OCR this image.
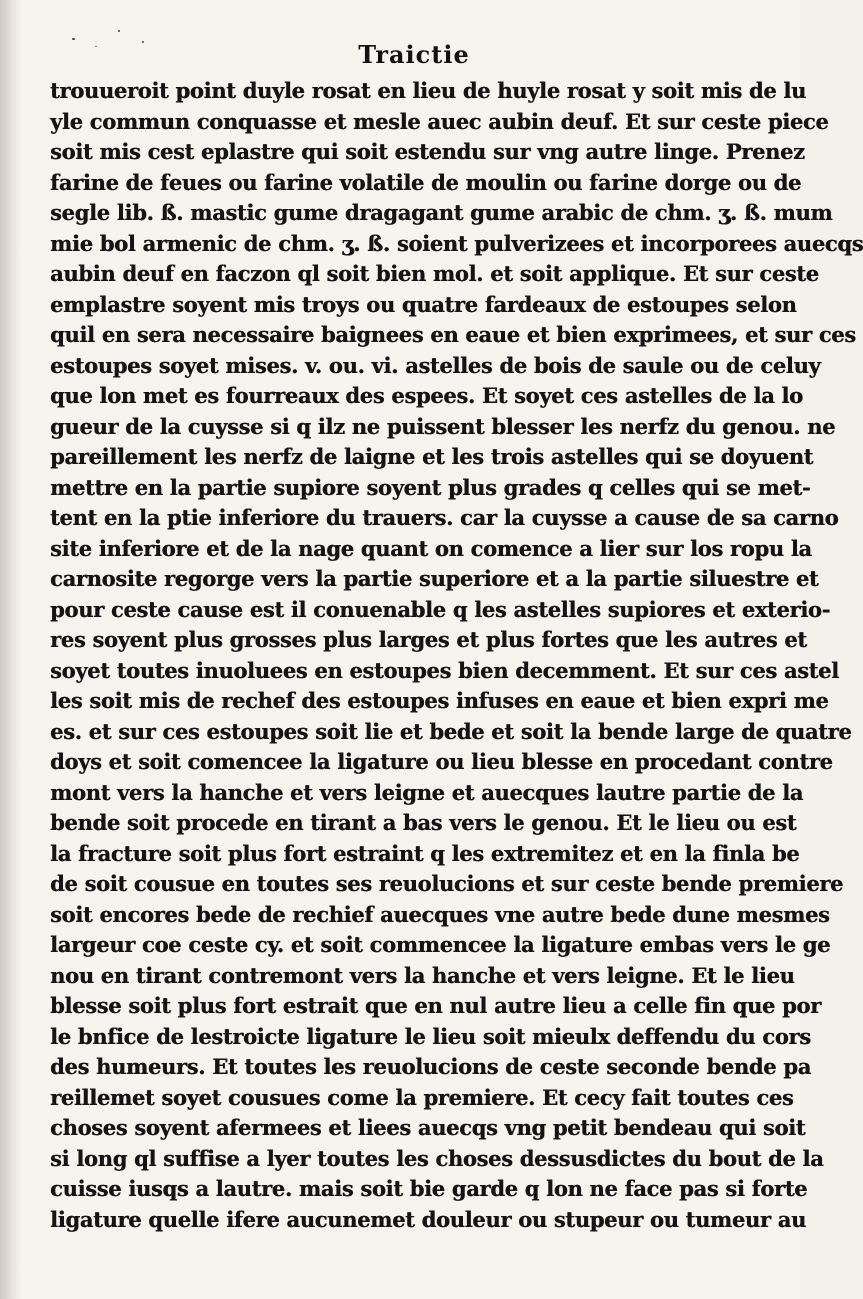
Traictie
trouueroit point duyle rosat en lieu de huyle rosat y soit mis de lu
yle commun conquasse et mesle auec aubin deuf. Et sur ceste piece
soit mis cest eplastre qui soit estendu sur vng autre linge. Prenez
farine de feues ou farine volatile de moulin ou farine dorge ou de
segle lib. ß. mastic gume dragagant gume arabic de chm. ʒ. ß. mum
mie bol armenic de chm. ʒ. ß. soient pulverizees et incorporees auecqs
aubin deuf en faczon ql soit bien mol. et soit applique. Et sur ceste
emplastre soyent mis troys ou quatre fardeaux de estoupes selon
quil en sera necessaire baignees en eaue et bien exprimees, et sur ces
estoupes soyet mises. v. ou. vi. astelles de bois de saule ou de celuy
que lon met es fourreaux des espees. Et soyet ces astelles de la lo
gueur de la cuysse si q ilz ne puissent blesser les nerfz du genou. ne
pareillement les nerfz de laigne et les trois astelles qui se doyuent
mettre en la partie supiore soyent plus grades q celles qui se met-
tent en la ptie inferiore du trauers. car la cuysse a cause de sa carno
site inferiore et de la nage quant on comence a lier sur los ropu la
carnosite regorge vers la partie superiore et a la partie siluestre et
pour ceste cause est il conuenable q les astelles supiores et exterio-
res soyent plus grosses plus larges et plus fortes que les autres et
soyet toutes inuoluees en estoupes bien decemment. Et sur ces astel
les soit mis de rechef des estoupes infuses en eaue et bien expri me
es. et sur ces estoupes soit lie et bede et soit la bende large de quatre
doys et soit comencee la ligature ou lieu blesse en procedant contre
mont vers la hanche et vers leigne et auecques lautre partie de la
bende soit procede en tirant a bas vers le genou. Et le lieu ou est
la fracture soit plus fort estraint q les extremitez et en la finla be
de soit cousue en toutes ses reuolucions et sur ceste bende premiere
soit encores bede de rechief auecques vne autre bede dune mesmes
largeur coe ceste cy. et soit commencee la ligature embas vers le ge
nou en tirant contremont vers la hanche et vers leigne. Et le lieu
blesse soit plus fort estrait que en nul autre lieu a celle fin que por
le bnfice de lestroicte ligature le lieu soit mieulx deffendu du cors
des humeurs. Et toutes les reuolucions de ceste seconde bende pa
reillemet soyet cousues come la premiere. Et cecy fait toutes ces
choses soyent afermees et liees auecqs vng petit bendeau qui soit
si long ql suffise a lyer toutes les choses dessusdictes du bout de la
cuisse iusqs a lautre. mais soit bie garde q lon ne face pas si forte
ligature quelle ifere aucunemet douleur ou stupeur ou tumeur au
